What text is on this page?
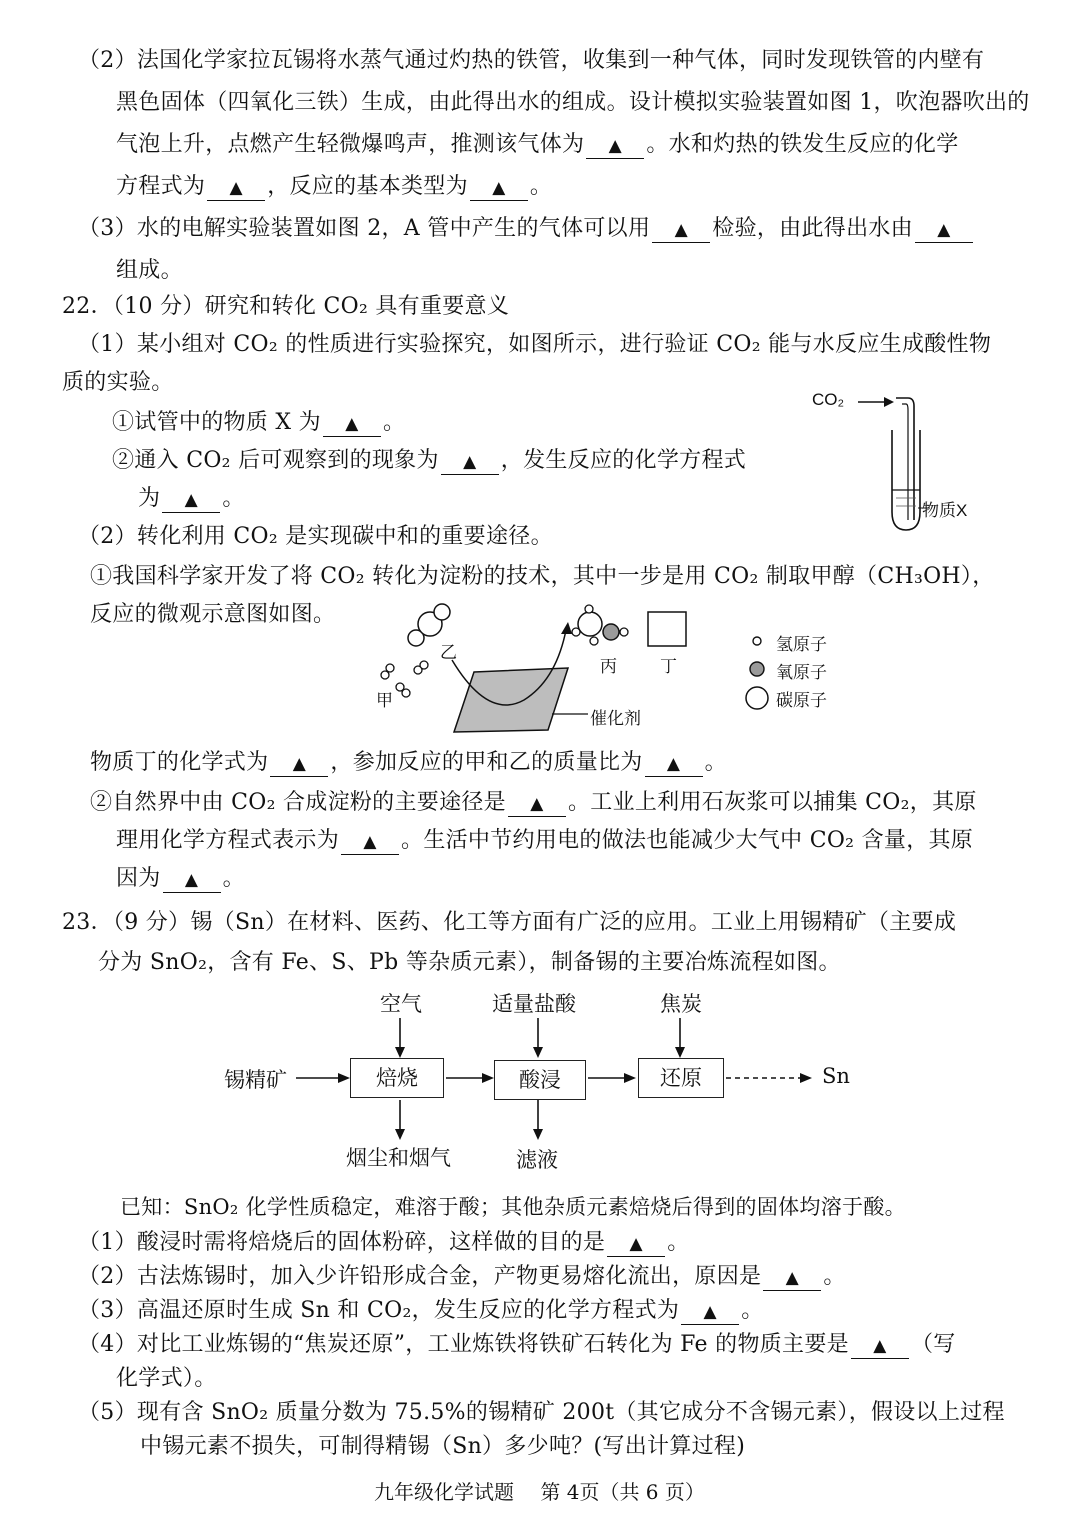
（2）法国化学家拉瓦锡将水蒸气通过灼热的铁管，收集到一种气体，同时发现铁管的内壁有
黑色固体（四氧化三铁）生成，由此得出水的组成。设计模拟实验装置如图 1，吹泡器吹出的
气泡上升，点燃产生轻微爆鸣声，推测该气体为 ▲ 。水和灼热的铁发生反应的化学
方程式为 ▲ ，反应的基本类型为 ▲ 。
（3）水的电解实验装置如图 2，A 管中产生的气体可以用 ▲ 检验，由此得出水由 ▲
组成。
22．（10 分）研究和转化 CO₂ 具有重要意义
（1）某小组对 CO₂ 的性质进行实验探究，如图所示，进行验证 CO₂ 能与水反应生成酸性物
质的实验。
①试管中的物质 X 为 ▲ 。
②通入 CO₂ 后可观察到的现象为 ▲ ，发生反应的化学方程式
为 ▲ 。
CO₂
物质X
（2）转化利用 CO₂ 是实现碳中和的重要途径。
①我国科学家开发了将 CO₂ 转化为淀粉的技术，其中一步是用 CO₂ 制取甲醇（CH₃OH），
反应的微观示意图如图。
乙
甲
丙	丁
催化剂
氢原子
氧原子
碳原子
物质丁的化学式为 ▲ ，参加反应的甲和乙的质量比为 ▲ 。
②自然界中由 CO₂ 合成淀粉的主要途径是 ▲ 。工业上利用石灰浆可以捕集 CO₂，其原
理用化学方程式表示为 ▲ 。生活中节约用电的做法也能减少大气中 CO₂ 含量，其原
因为 ▲ 。
23．（9 分）锡（Sn）在材料、医药、化工等方面有广泛的应用。工业上用锡精矿（主要成
分为 SnO₂，含有 Fe、S、Pb 等杂质元素），制备锡的主要冶炼流程如图。
空气	适量盐酸	焦炭
锡精矿	焙烧	酸浸	还原	Sn
烟尘和烟气	滤液
已知：SnO₂ 化学性质稳定，难溶于酸；其他杂质元素焙烧后得到的固体均溶于酸。
（1）酸浸时需将焙烧后的固体粉碎，这样做的目的是 ▲ 。
（2）古法炼锡时，加入少许铅形成合金，产物更易熔化流出，原因是 ▲ 。
（3）高温还原时生成 Sn 和 CO₂，发生反应的化学方程式为 ▲ 。
（4）对比工业炼锡的“焦炭还原”，工业炼铁将铁矿石转化为 Fe 的物质主要是 ▲ （写
化学式）。
（5）现有含 SnO₂ 质量分数为 75.5%的锡精矿 200t（其它成分不含锡元素），假设以上过程
中锡元素不损失，可制得精锡（Sn）多少吨？(写出计算过程)
九年级化学试题　 第 4页（共 6 页）
